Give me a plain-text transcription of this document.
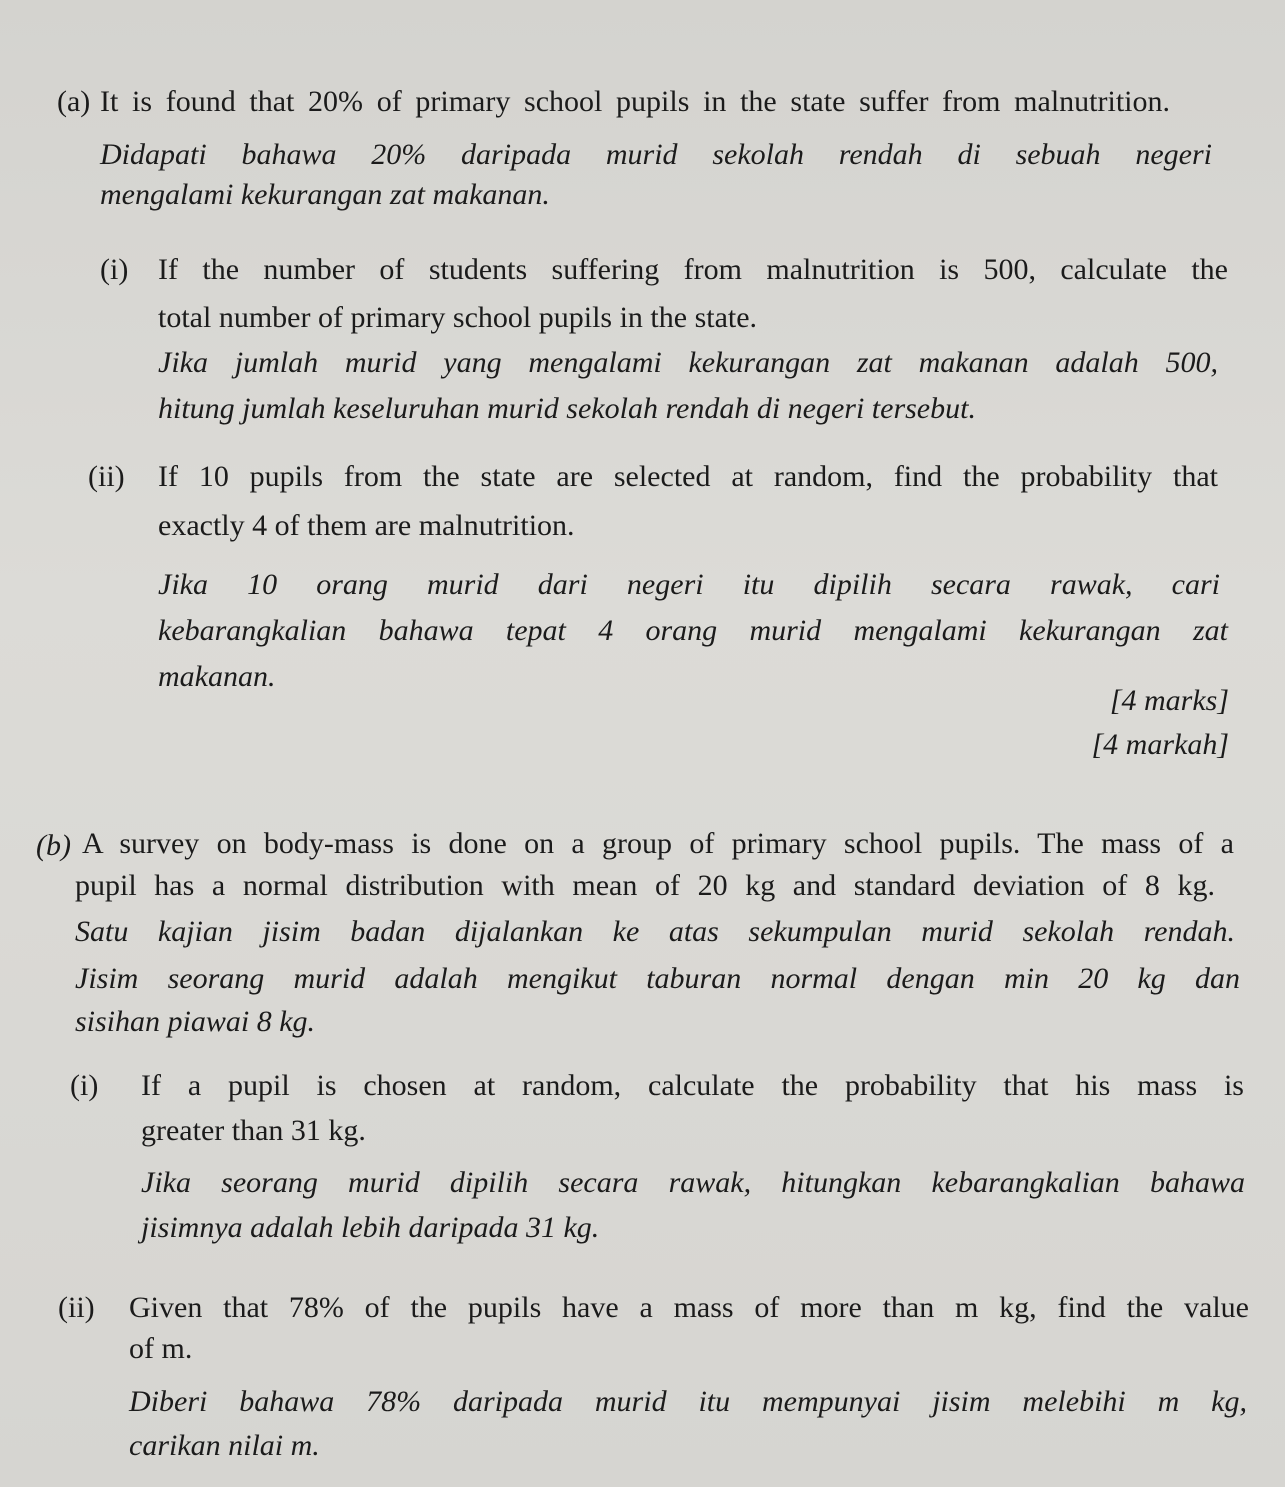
(a) It is found that 20% of primary school pupils in the state suffer from malnutrition.
Didapati bahawa 20% daripada murid sekolah rendah di sebuah negeri
mengalami kekurangan zat makanan.
(i) If the number of students suffering from malnutrition is 500, calculate the
total number of primary school pupils in the state.
Jika jumlah murid yang mengalami kekurangan zat makanan adalah 500,
hitung jumlah keseluruhan murid sekolah rendah di negeri tersebut.
(ii) If 10 pupils from the state are selected at random, find the probability that
exactly 4 of them are malnutrition.
Jika 10 orang murid dari negeri itu dipilih secara rawak, cari
kebarangkalian bahawa tepat 4 orang murid mengalami kekurangan zat
makanan.
[4 marks]
[4 markah]
(b) A survey on body-mass is done on a group of primary school pupils. The mass of a
pupil has a normal distribution with mean of 20 kg and standard deviation of 8 kg.
Satu kajian jisim badan dijalankan ke atas sekumpulan murid sekolah rendah.
Jisim seorang murid adalah mengikut taburan normal dengan min 20 kg dan
sisihan piawai 8 kg.
(i) If a pupil is chosen at random, calculate the probability that his mass is
greater than 31 kg.
Jika seorang murid dipilih secara rawak, hitungkan kebarangkalian bahawa
jisimnya adalah lebih daripada 31 kg.
(ii) Given that 78% of the pupils have a mass of more than m kg, find the value
of m.
Diberi bahawa 78% daripada murid itu mempunyai jisim melebihi m kg,
carikan nilai m.
